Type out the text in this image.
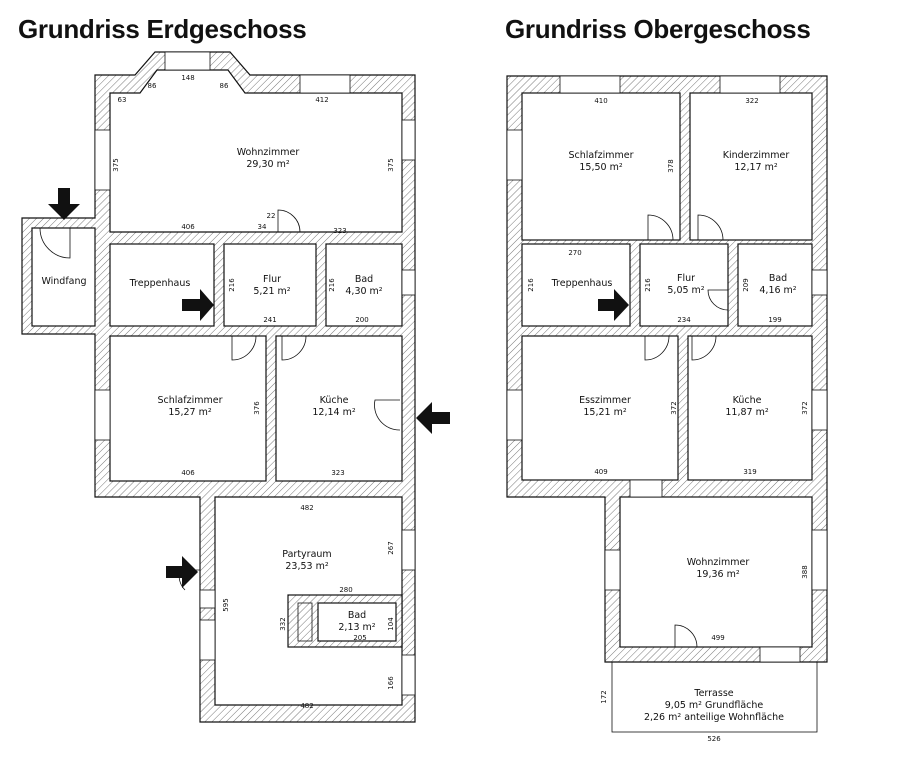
Grundriss Erdgeschoss	Grundriss Obergeschoss
Wohnzimmer
29,30 m²
Windfang	Treppenhaus	Flur
5,21 m²
Bad
4,30 m²
Schlafzimmer
15,27 m²
Küche
12,14 m²
Partyraum
23,53 m²
Bad
2,13 m²
148
86	86
63	412
375	375
406
22
34	323
216	216
241	200
376
406	323
482
267
595
280
332	104
205
166
482
Schlafzimmer
15,50 m²
Kinderzimmer
12,17 m²
Treppenhaus	Flur
5,05 m²
Bad
4,16 m²
Esszimmer
15,21 m²
Küche
11,87 m²
Wohnzimmer
19,36 m²
Terrasse
9,05 m² Grundfläche
2,26 m² anteilige Wohnfläche
410	322
378
270
216	216
234
209
199
372	372
409	319
388
499
172
526
